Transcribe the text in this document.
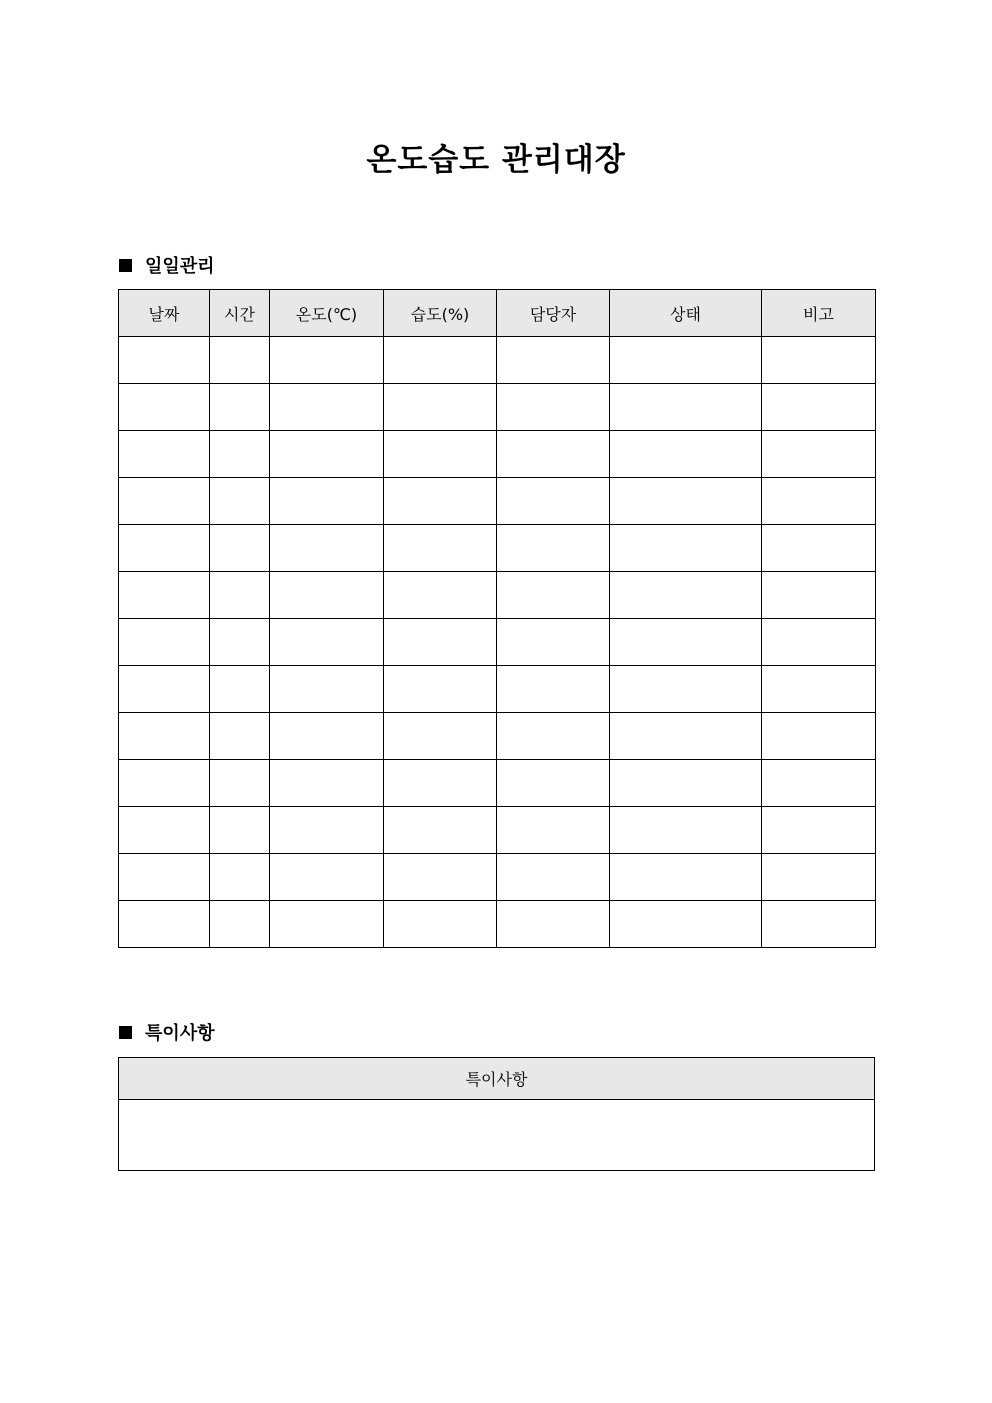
온도습도 관리대장
일일관리
날짜	시간	온도(℃)	습도(%)	담당자	상태	비고

특이사항
특이사항
